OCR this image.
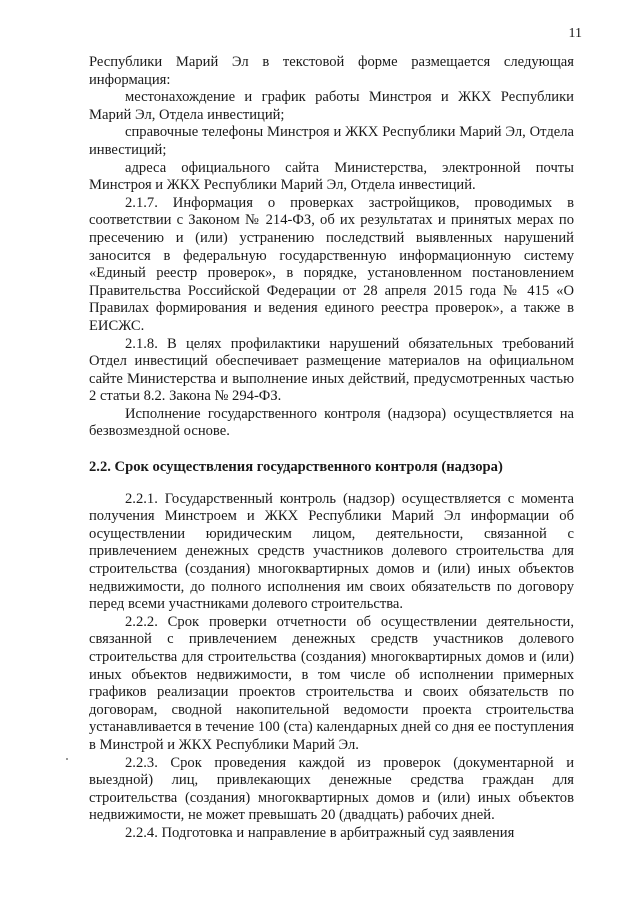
11

Республики Марий Эл в текстовой форме размещается следующая информация:

местонахождение и график работы Минстроя и ЖКХ Республики Марий Эл, Отдела инвестиций;

справочные телефоны Минстроя и ЖКХ Республики Марий Эл, Отдела инвестиций;

адреса официального сайта Министерства, электронной почты Минстроя и ЖКХ Республики Марий Эл, Отдела инвестиций.

2.1.7. Информация о проверках застройщиков, проводимых в соответствии с Законом № 214-ФЗ, об их результатах и принятых мерах по пресечению и (или) устранению последствий выявленных нарушений заносится в федеральную государственную информационную систему «Единый реестр проверок», в порядке, установленном постановлением Правительства Российской Федерации от 28 апреля 2015 года № 415 «О Правилах формирования и ведения единого реестра проверок», а также в ЕИСЖС.

2.1.8. В целях профилактики нарушений обязательных требований Отдел инвестиций обеспечивает размещение материалов на официальном сайте Министерства и выполнение иных действий, предусмотренных частью 2 статьи 8.2. Закона № 294-ФЗ.

Исполнение государственного контроля (надзора) осуществляется на безвозмездной основе.

2.2. Срок осуществления государственного контроля (надзора)

2.2.1. Государственный контроль (надзор) осуществляется с момента получения Минстроем и ЖКХ Республики Марий Эл информации об осуществлении юридическим лицом, деятельности, связанной с привлечением денежных средств участников долевого строительства для строительства (создания) многоквартирных домов и (или) иных объектов недвижимости, до полного исполнения им своих обязательств по договору перед всеми участниками долевого строительства.

2.2.2. Срок проверки отчетности об осуществлении деятельности, связанной с привлечением денежных средств участников долевого строительства для строительства (создания) многоквартирных домов и (или) иных объектов недвижимости, в том числе об исполнении примерных графиков реализации проектов строительства и своих обязательств по договорам, сводной накопительной ведомости проекта строительства устанавливается в течение 100 (ста) календарных дней со дня ее поступления в Минстрой и ЖКХ Республики Марий Эл.

2.2.3. Срок проведения каждой из проверок (документарной и выездной) лиц, привлекающих денежные средства граждан для строительства (создания) многоквартирных домов и (или) иных объектов недвижимости, не может превышать 20 (двадцать) рабочих дней.

2.2.4. Подготовка и направление в арбитражный суд заявления
